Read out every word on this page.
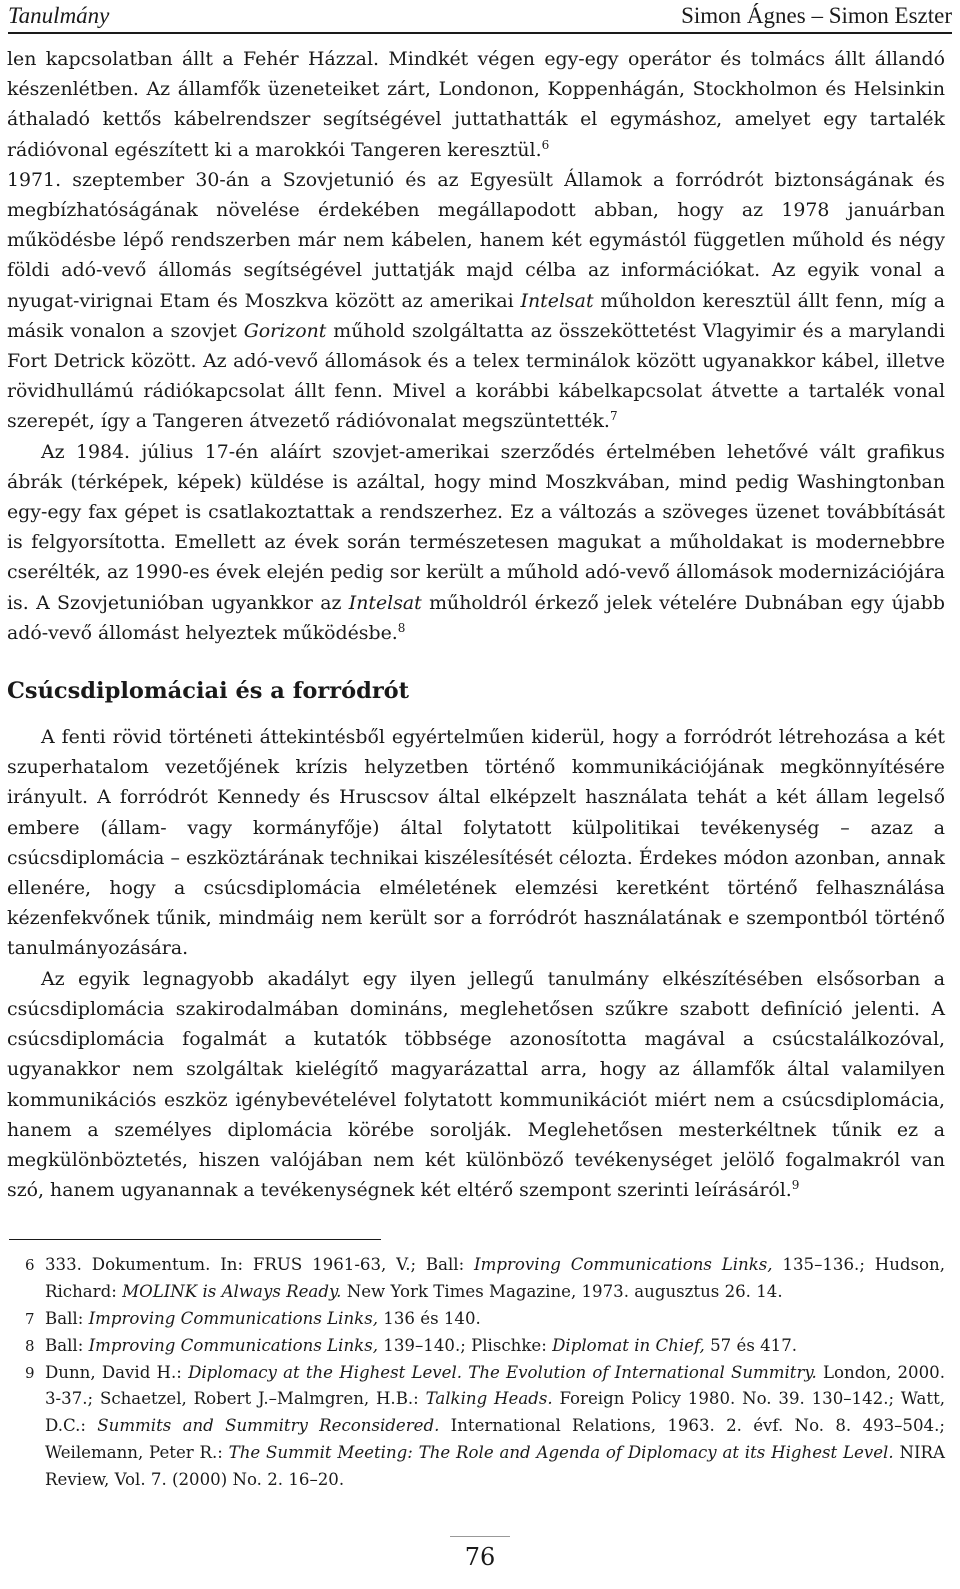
Tanulmány	Simon Ágnes – Simon Eszter

len kapcsolatban állt a Fehér Házzal. Mindkét végen egy-egy operátor és tolmács állt állandó készenlétben. Az államfők üzeneteiket zárt, Londonon, Koppenhágán, Stockholmon és Helsinkin áthaladó kettős kábelrendszer segítségével juttathatták el egymáshoz, amelyet egy tartalék rádióvonal egészített ki a marokkói Tangeren keresztül.$^6$

1971. szeptember 30-án a Szovjetunió és az Egyesült Államok a forródrót biztonságának és megbízhatóságának növelése érdekében megállapodott abban, hogy az 1978 januárban működésbe lépő rendszerben már nem kábelen, hanem két egymástól független műhold és négy földi adó-vevő állomás segítségével juttatják majd célba az információkat. Az egyik vonal a nyugat-virignai Etam és Moszkva között az amerikai Intelsat műholdon keresztül állt fenn, míg a másik vonalon a szovjet Gorizont műhold szolgáltatta az összeköttetést Vlagyimir és a marylandi Fort Detrick között. Az adó-vevő állomások és a telex terminálok között ugyanakkor kábel, illetve rövidhullámú rádiókapcsolat állt fenn. Mivel a korábbi kábelkapcsolat átvette a tartalék vonal szerepét, így a Tangeren átvezető rádióvonalat megszüntették.$^7$

Az 1984. július 17-én aláírt szovjet-amerikai szerződés értelmében lehetővé vált grafikus ábrák (térképek, képek) küldése is azáltal, hogy mind Moszkvában, mind pedig Washingtonban egy-egy fax gépet is csatlakoztattak a rendszerhez. Ez a változás a szöveges üzenet továbbítását is felgyorsította. Emellett az évek során természetesen magukat a műholdakat is modernebbre cserélték, az 1990-es évek elején pedig sor került a műhold adó-vevő állomások modernizációjára is. A Szovjetunióban ugyankkor az Intelsat műholdról érkező jelek vételére Dubnában egy újabb adó-vevő állomást helyeztek működésbe.$^8$

Csúcsdiplomáciai és a forródrót

A fenti rövid történeti áttekintésből egyértelműen kiderül, hogy a forródrót létrehozása a két szuperhatalom vezetőjének krízis helyzetben történő kommunikációjának megkönnyítésére irányult. A forródrót Kennedy és Hruscsov által elképzelt használata tehát a két állam legelső embere (állam- vagy kormányfője) által folytatott külpolitikai tevékenység – azaz a csúcsdiplomácia – eszköztárának technikai kiszélesítését célozta. Érdekes módon azonban, annak ellenére, hogy a csúcsdiplomácia elméletének elemzési keretként történő felhasználása kézenfekvőnek tűnik, mindmáig nem került sor a forródrót használatának e szempontból történő tanulmányozására.

Az egyik legnagyobb akadályt egy ilyen jellegű tanulmány elkészítésében elsősorban a csúcsdiplomácia szakirodalmában domináns, meglehetősen szűkre szabott definíció jelenti. A csúcsdiplomácia fogalmát a kutatók többsége azonosította magával a csúcstalálkozóval, ugyanakkor nem szolgáltak kielégítő magyarázattal arra, hogy az államfők által valamilyen kommunikációs eszköz igénybevételével folytatott kommunikációt miért nem a csúcsdiplomácia, hanem a személyes diplomácia körébe sorolják. Meglehetősen mesterkéltnek tűnik ez a megkülönböztetés, hiszen valójában nem két különböző tevékenységet jelölő fogalmakról van szó, hanem ugyanannak a tevékenységnek két eltérő szempont szerinti leírásáról.$^9$

6 333. Dokumentum. In: FRUS 1961-63, V.; Ball: Improving Communications Links, 135–136.; Hudson, Richard: MOLINK is Always Ready. New York Times Magazine, 1973. augusztus 26. 14.
7 Ball: Improving Communications Links, 136 és 140.
8 Ball: Improving Communications Links, 139–140.; Plischke: Diplomat in Chief, 57 és 417.
9 Dunn, David H.: Diplomacy at the Highest Level. The Evolution of International Summitry. London, 2000. 3-37.; Schaetzel, Robert J.–Malmgren, H.B.: Talking Heads. Foreign Policy 1980. No. 39. 130–142.; Watt, D.C.: Summits and Summitry Reconsidered. International Relations, 1963. 2. évf. No. 8. 493–504.; Weilemann, Peter R.: The Summit Meeting: The Role and Agenda of Diplomacy at its Highest Level. NIRA Review, Vol. 7. (2000) No. 2. 16–20.
76
